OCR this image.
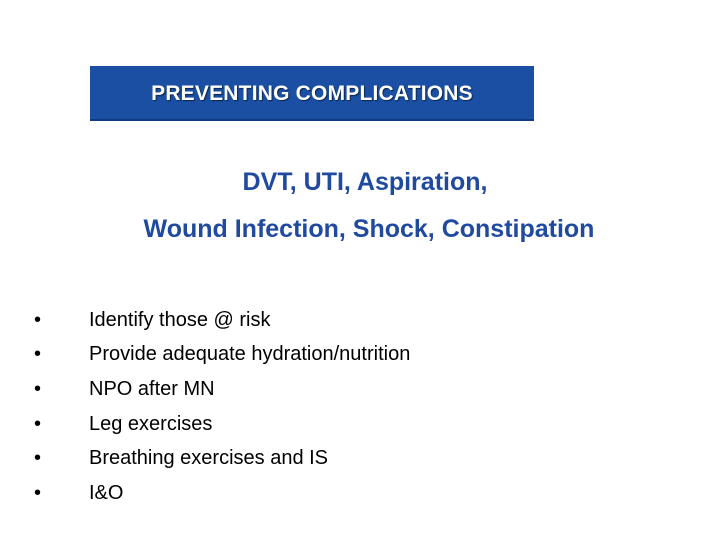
PREVENTING COMPLICATIONS
DVT, UTI, Aspiration,
Wound Infection, Shock, Constipation
•	Identify those @ risk
•	Provide adequate hydration/nutrition
•	NPO after MN
•	Leg exercises
•	Breathing exercises and IS
•	I&O
